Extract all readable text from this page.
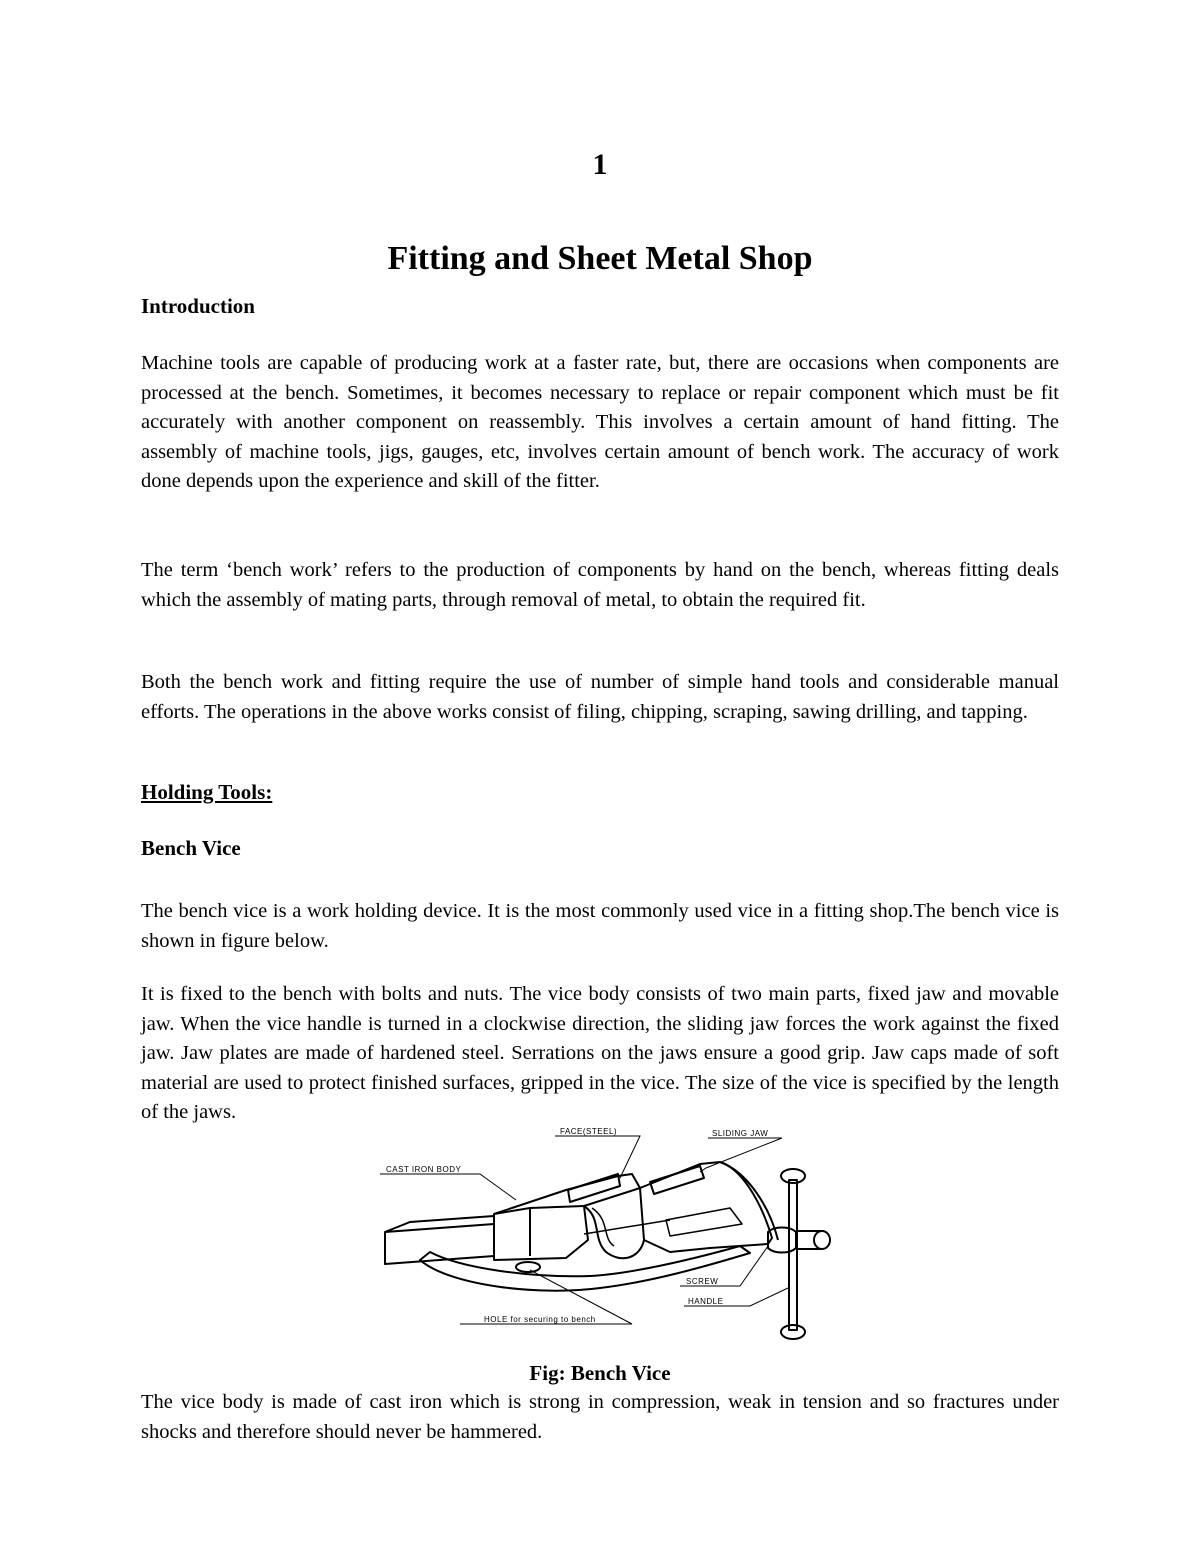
1
Fitting and Sheet Metal Shop
Introduction

Machine tools are capable of producing work at a faster rate, but, there are occasions when components are processed at the bench. Sometimes, it becomes necessary to replace or repair component which must be fit accurately with another component on reassembly. This involves a certain amount of hand fitting. The assembly of machine tools, jigs, gauges, etc, involves certain amount of bench work. The accuracy of work done depends upon the experience and skill of the fitter.

The term ‘bench work’ refers to the production of components by hand on the bench, whereas fitting deals which the assembly of mating parts, through removal of metal, to obtain the required fit.

Both the bench work and fitting require the use of number of simple hand tools and considerable manual efforts. The operations in the above works consist of filing, chipping, scraping, sawing drilling, and tapping.

Holding Tools:
Bench Vice

The bench vice is a work holding device. It is the most commonly used vice in a fitting shop.The bench vice is shown in figure below.

It is fixed to the bench with bolts and nuts. The vice body consists of two main parts, fixed jaw and movable jaw. When the vice handle is turned in a clockwise direction, the sliding jaw forces the work against the fixed jaw. Jaw plates are made of hardened steel. Serrations on the jaws ensure a good grip. Jaw caps made of soft material are used to protect finished surfaces, gripped in the vice. The size of the vice is specified by the length of the jaws.

FACE(STEEL)	SLIDING JAW
CAST IRON BODY
SCREW
HANDLE
HOLE for securing to bench
Fig: Bench Vice

The vice body is made of cast iron which is strong in compression, weak in tension and so fractures under shocks and therefore should never be hammered.
